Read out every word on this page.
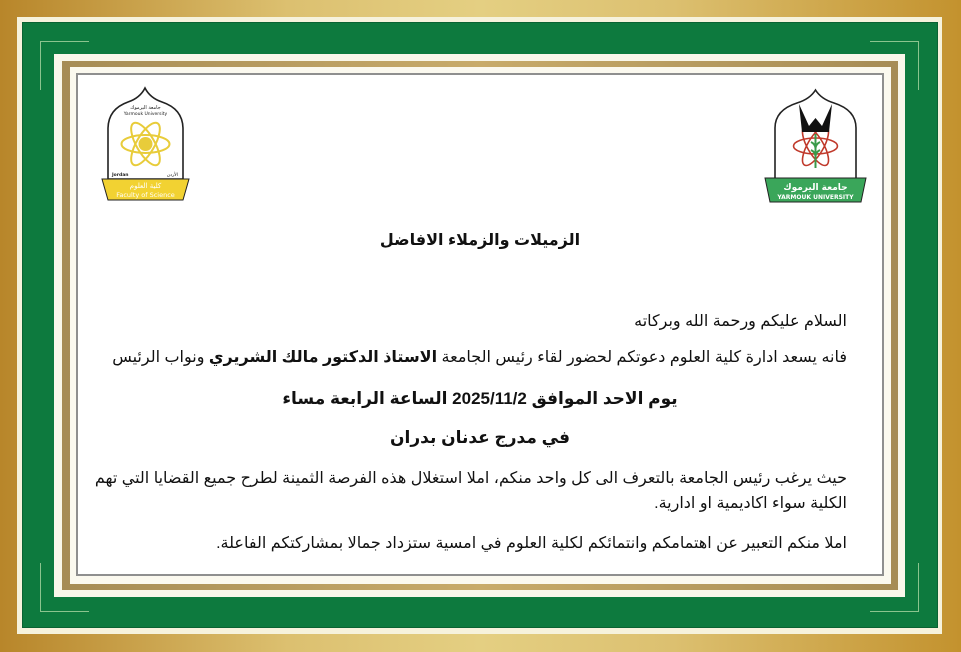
جامعة اليرموك
Yarmouk University
Jordan	الأردن
كلية العلوم
Faculty of Science
جامعة اليرموك
YARMOUK UNIVERSITY
الزميلات والزملاء الافاضل
السلام عليكم ورحمة الله وبركاته
فانه يسعد ادارة كلية العلوم دعوتكم لحضور لقاء رئيس الجامعة الاستاذ الدكتور مالك الشريري ونواب الرئيس
يوم الاحد الموافق 2025/11/2 الساعة الرابعة مساء
في مدرج عدنان بدران
حيث يرغب رئيس الجامعة بالتعرف الى كل واحد منكم، املا استغلال هذه الفرصة الثمينة لطرح جميع القضايا التي تهم الكلية سواء اكاديمية او ادارية.
املا منكم التعبير عن اهتمامكم وانتمائكم لكلية العلوم في امسية ستزداد جمالا بمشاركتكم الفاعلة.
